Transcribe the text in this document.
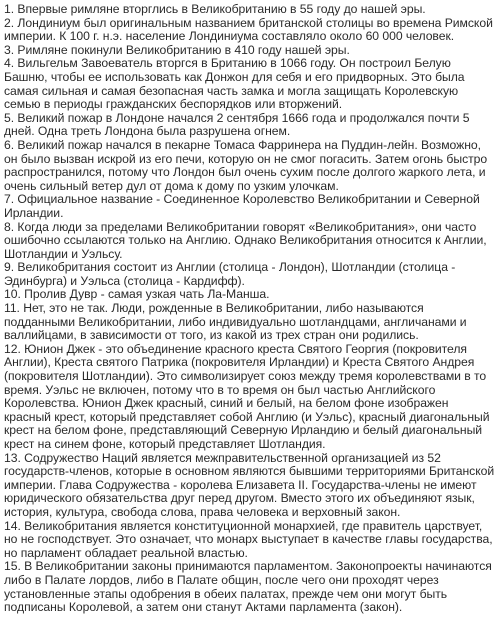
1. Впервые римляне вторглись в Великобританию в 55 году до нашей эры.

2. Лондиниум был оригинальным названием британской столицы во времена Римской империи. К 100 г. н.э. население Лондиниума составляло около 60 000 человек.

3. Римляне покинули Великобританию в 410 году нашей эры.

4. Вильгельм Завоеватель вторгся в Британию в 1066 году. Он построил Белую Башню, чтобы ее использовать как Донжон для себя и его придворных. Это была самая сильная и самая безопасная часть замка и могла защищать Королевскую семью в периоды гражданских беспорядков или вторжений.

5. Великий пожар в Лондоне начался 2 сентября 1666 года и продолжался почти 5 дней. Одна треть Лондона была разрушена огнем.

6. Великий пожар начался в пекарне Томаса Фарринера на Пуддин-лейн. Возможно, он было вызван искрой из его печи, которую он не смог погасить. Затем огонь быстро распространился, потому что Лондон был очень сухим после долгого жаркого лета, и очень сильный ветер дул от дома к дому по узким улочкам.

7. Официальное название - Соединенное Королевство Великобритании и Северной Ирландии.

8. Когда люди за пределами Великобритании говорят «Великобритания», они часто ошибочно ссылаются только на Англию. Однако Великобритания относится к Англии, Шотландии и Уэльсу.

9. Великобритания состоит из Англии (столица - Лондон), Шотландии (столица - Эдинбурга) и Уэльса (столица - Кардифф).

10. Пролив Дувр - самая узкая чать Ла-Манша.

11. Нет, это не так. Люди, рожденные в Великобритании, либо называются подданными Великобритании, либо индивидуально шотландцами, англичанами и валлийцами, в зависимости от того, из какой из трех стран они родились.

12. Юнион Джек - это объединение красного креста Святого Георгия (покровителя Англии), Креста святого Патрика (покровителя Ирландии) и Креста Святого Андрея (покровителя Шотландии). Это символизирует союз между тремя королевствами в то время. Уэльс не включен, потому что в то время он был частью Английского Королевства. Юнион Джек красный, синий и белый, на белом фоне изображен красный крест, который представляет собой Англию (и Уэльс), красный диагональный крест на белом фоне, представляющий Северную Ирландию и белый диагональный крест на синем фоне, который представляет Шотландия.

13. Содружество Наций является межправительственной организацией из 52 государств-членов, которые в основном являются бывшими территориями Британской империи. Глава Содружества - королева Елизавета II. Государства-члены не имеют юридического обязательства друг перед другом. Вместо этого их объединяют язык, история, культура, свобода слова, права человека и верховный закон.

14. Великобритания является конституционной монархией, где правитель царствует, но не господствует. Это означает, что монарх выступает в качестве главы государства, но парламент обладает реальной властью.

15. В Великобритании законы принимаются парламентом. Законопроекты начинаются либо в Палате лордов, либо в Палате общин, после чего они проходят через установленные этапы одобрения в обеих палатах, прежде чем они могут быть подписаны Королевой, а затем они станут Актами парламента (закон).
